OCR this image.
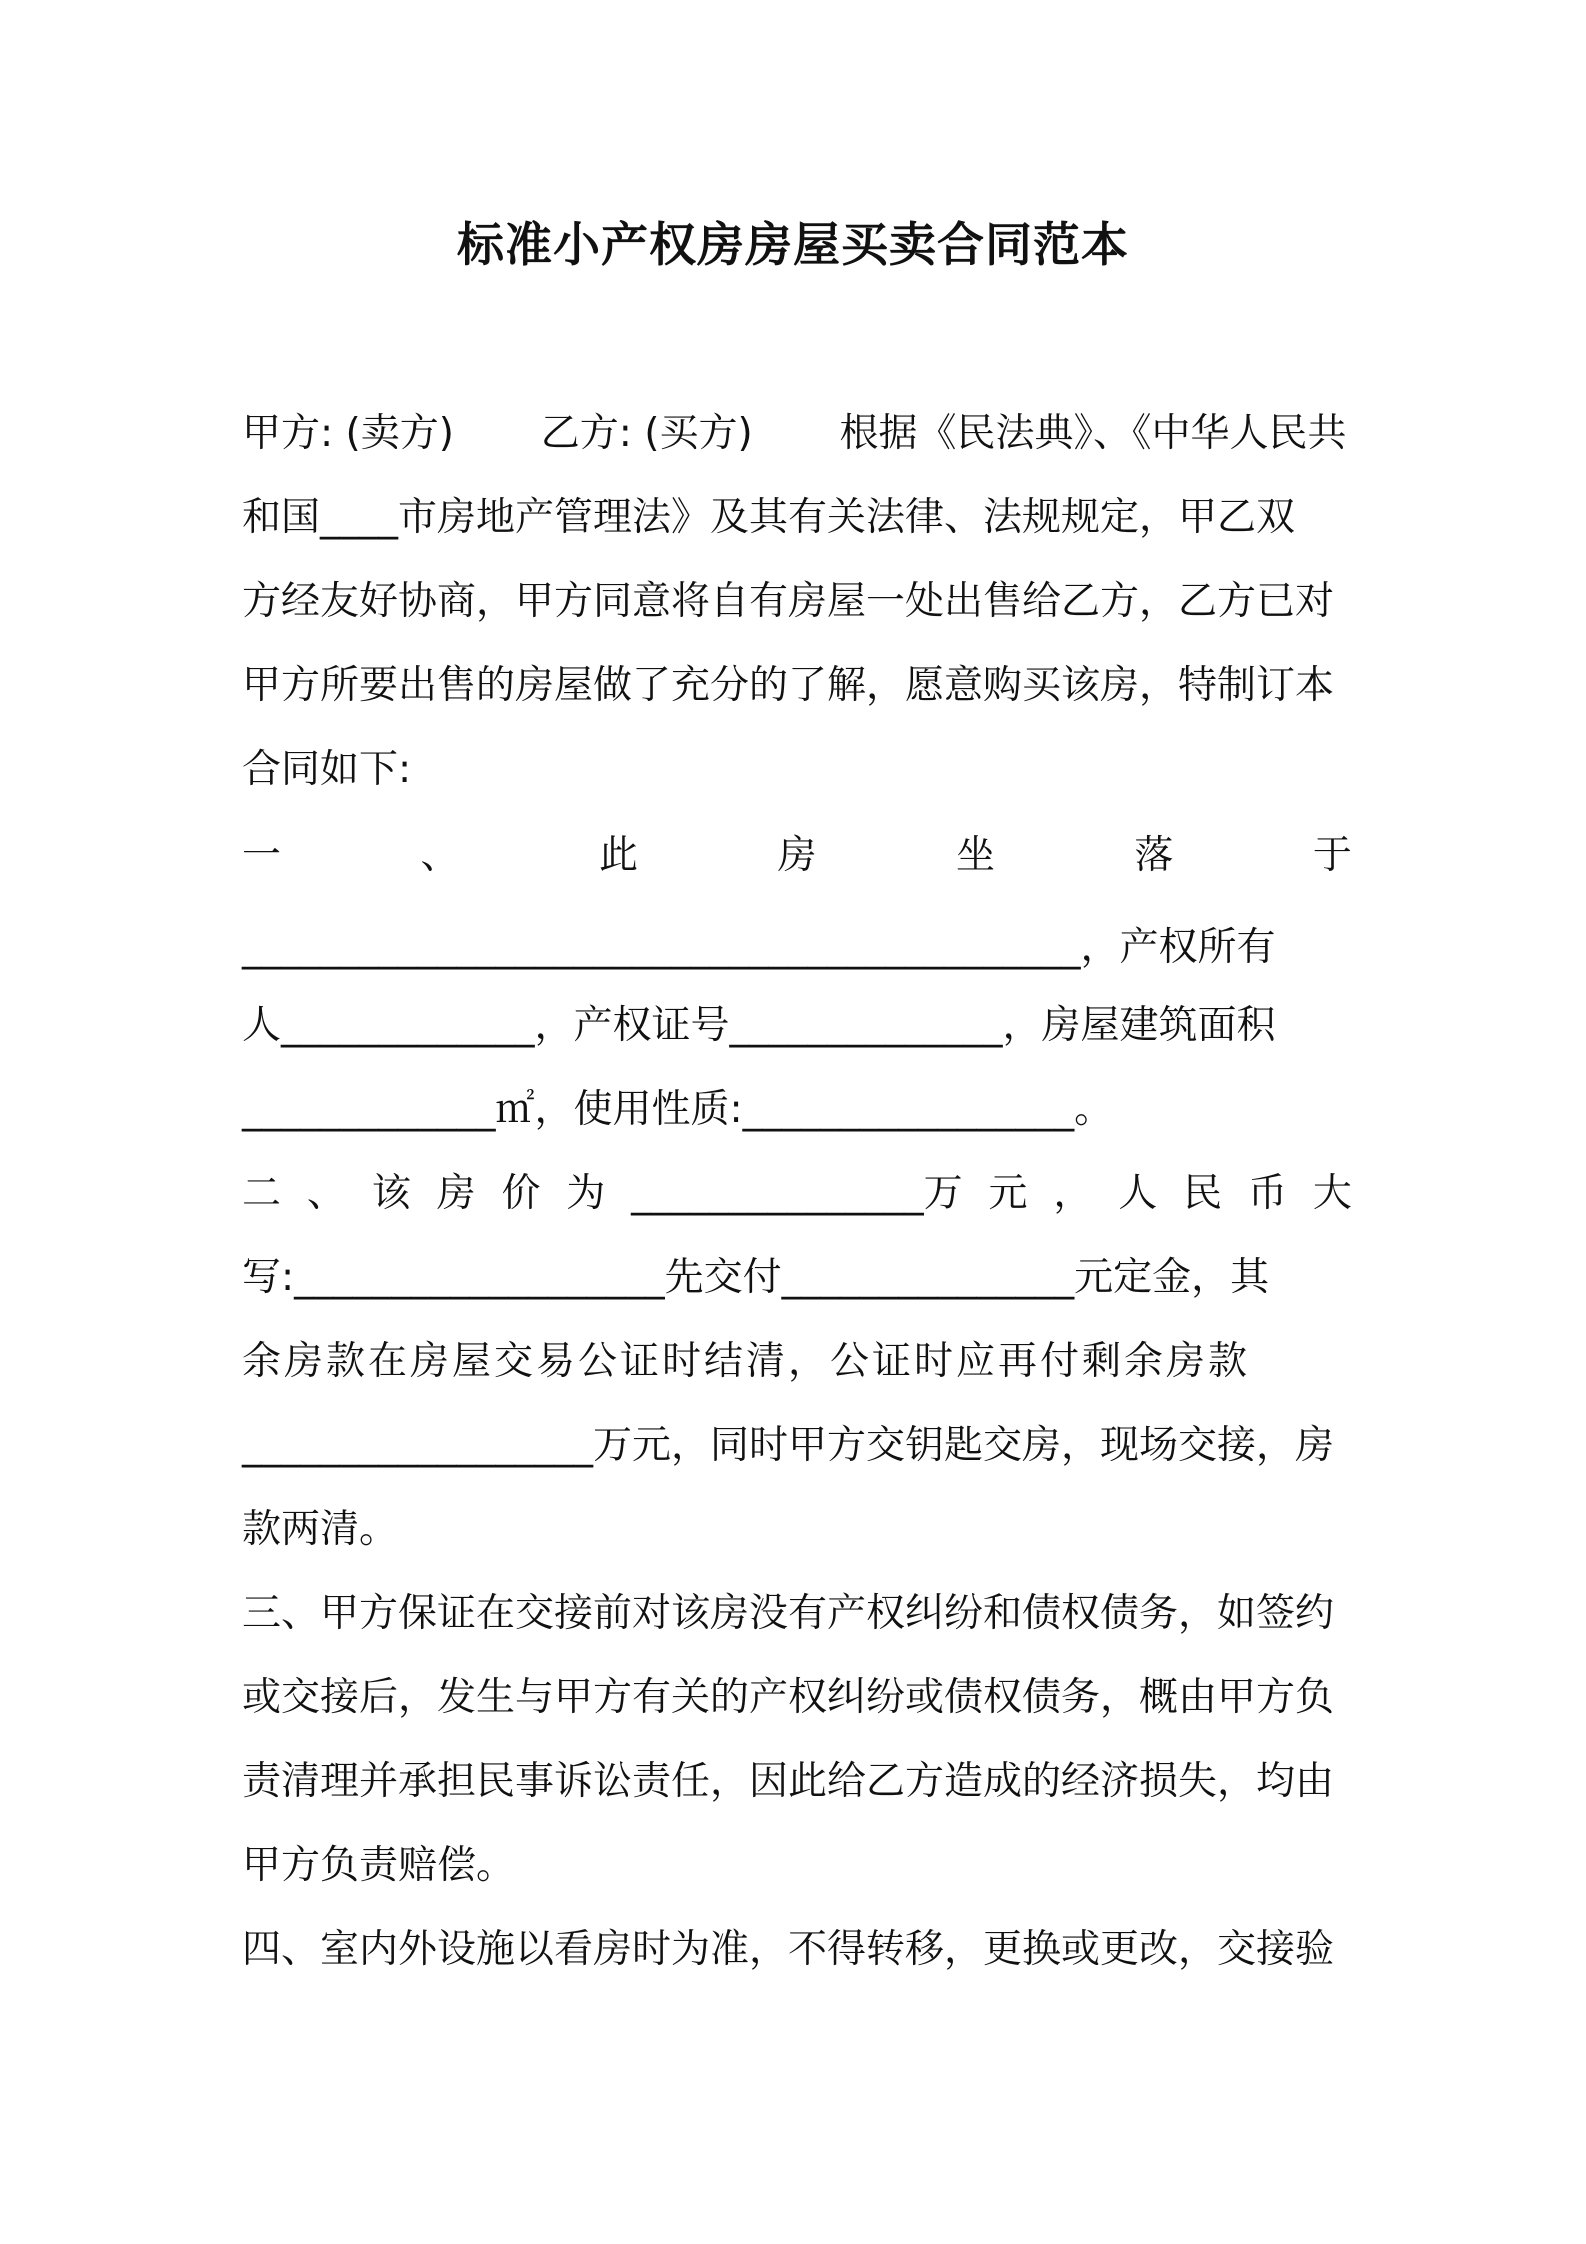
标准小产权房房屋买卖合同范本

甲方: (卖方)       乙方: (买方)       根据《民法典》、《中华人民共

和国____市房地产管理法》及其有关法律、法规规定，甲乙双

方经友好协商，甲方同意将自有房屋一处出售给乙方，乙方已对

甲方所要出售的房屋做了充分的了解，愿意购买该房，特制订本

合同如下:

一	、	此	房	坐	落	于

___________________________________________，产权所有

人_____________，产权证号______________，房屋建筑面积

_____________㎡，使用性质:_________________。

二 、 该 房 价 为 _______________万 元 ， 人 民 币 大

写:___________________先交付_______________元定金，其

余房款在房屋交易公证时结清，公证时应再付剩余房款

__________________万元，同时甲方交钥匙交房，现场交接，房

款两清。

三、甲方保证在交接前对该房没有产权纠纷和债权债务，如签约

或交接后，发生与甲方有关的产权纠纷或债权债务，概由甲方负

责清理并承担民事诉讼责任，因此给乙方造成的经济损失，均由

甲方负责赔偿。

四、室内外设施以看房时为准，不得转移，更换或更改，交接验
